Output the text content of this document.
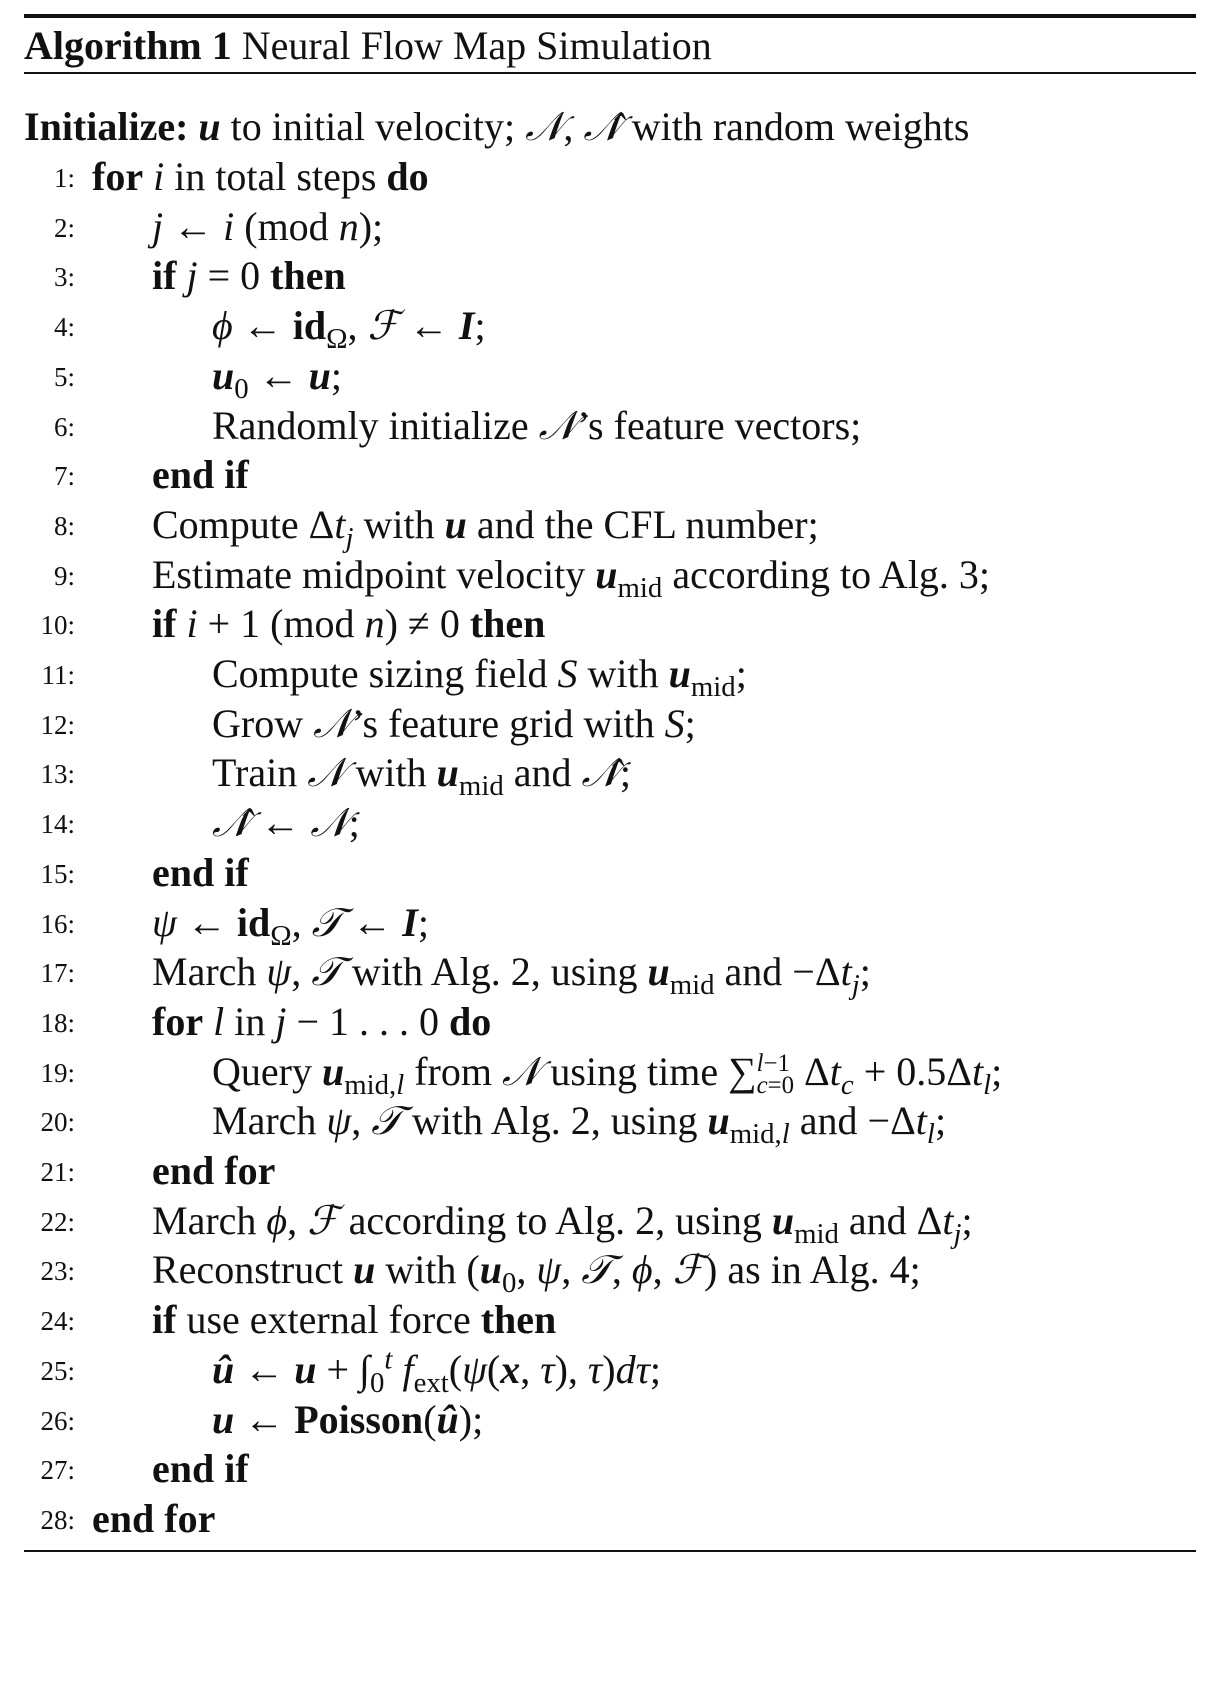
Algorithm 1 Neural Flow Map Simulation
Initialize: u to initial velocity; 𝒩, 𝒩̂ with random weights
1: for i in total steps do
2: j ← i (mod n);
3: if j = 0 then
4:	ϕ ← $id_\Omega$, ℱ ← I;
5:	$u_0$ ← u;
6:	Randomly initialize 𝒩’s feature vectors;
7: end if
8: Compute $\Delta t_j$ with u and the CFL number;
9: Estimate midpoint velocity $u_{mid}$ according to Alg. 3;
10: if i + 1 (mod n) ≠ 0 then
11:	Compute sizing field S with $u_{mid}$;
12:	Grow 𝒩’s feature grid with S;
13:	Train 𝒩 with $u_{mid}$ and 𝒩̂;
14:	𝒩̂ ← 𝒩;
15: end if
16: ψ ← $id_\Omega$, 𝒯 ← I;
17: March ψ, 𝒯 with Alg. 2, using $u_{mid}$ and $-\Delta t_j$;
18: for l in j − 1 . . . 0 do
19:	Query $u_{mid,l}$ from 𝒩 using time ∑l−1
c=0 $\Delta t_c + 0.5\Delta t_l$;
20:	March ψ, 𝒯 with Alg. 2, using $u_{mid,l}$ and $-\Delta t_l$;
21: end for
22: March ϕ, ℱ according to Alg. 2, using $u_{mid}$ and $\Delta t_j$;
23: Reconstruct u with ($u_0$, ψ, 𝒯, ϕ, ℱ) as in Alg. 4;
24: if use external force then
25:	û ← $u + \int_0^t$ $f_{ext}(\psi(x$, τ), τ)dτ;
26:	u ← Poisson(û);
27: end if
28: end for
